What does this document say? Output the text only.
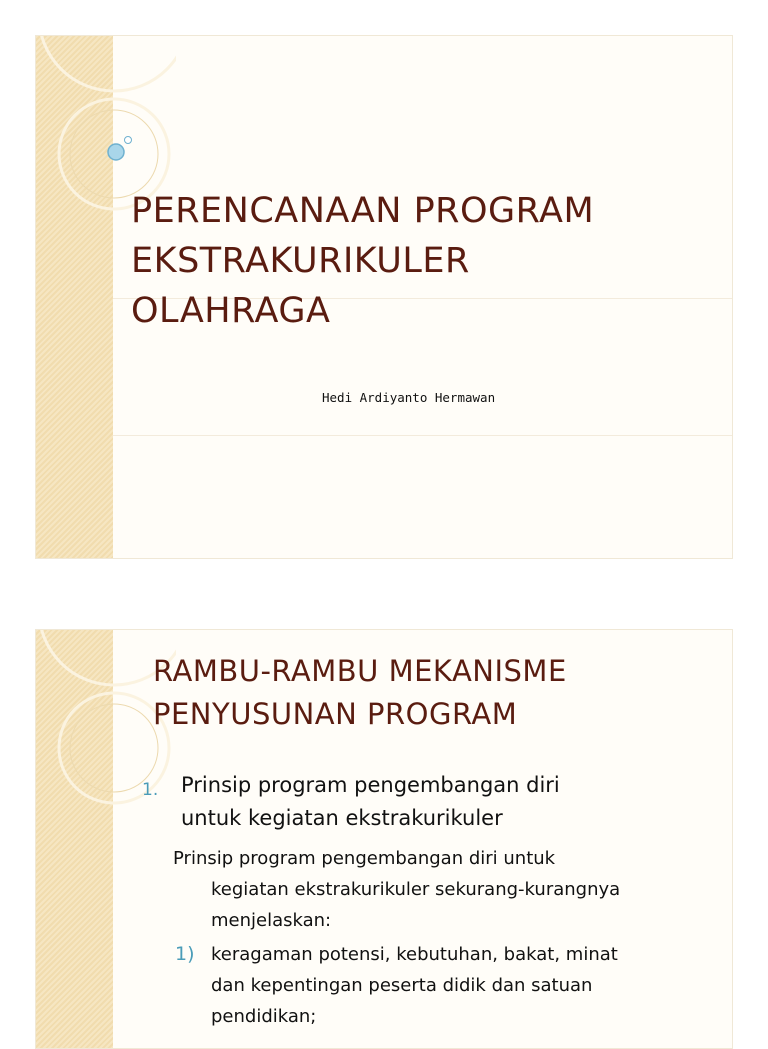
PERENCANAAN PROGRAM
EKSTRAKURIKULER
OLAHRAGA
Hedi Ardiyanto Hermawan
RAMBU-RAMBU MEKANISME
PENYUSUNAN PROGRAM
1. Prinsip program pengembangan diri
untuk kegiatan ekstrakurikuler
Prinsip program pengembangan diri untuk
kegiatan ekstrakurikuler sekurang-kurangnya
menjelaskan:
1) keragaman potensi, kebutuhan, bakat, minat
dan kepentingan peserta didik dan satuan
pendidikan;
